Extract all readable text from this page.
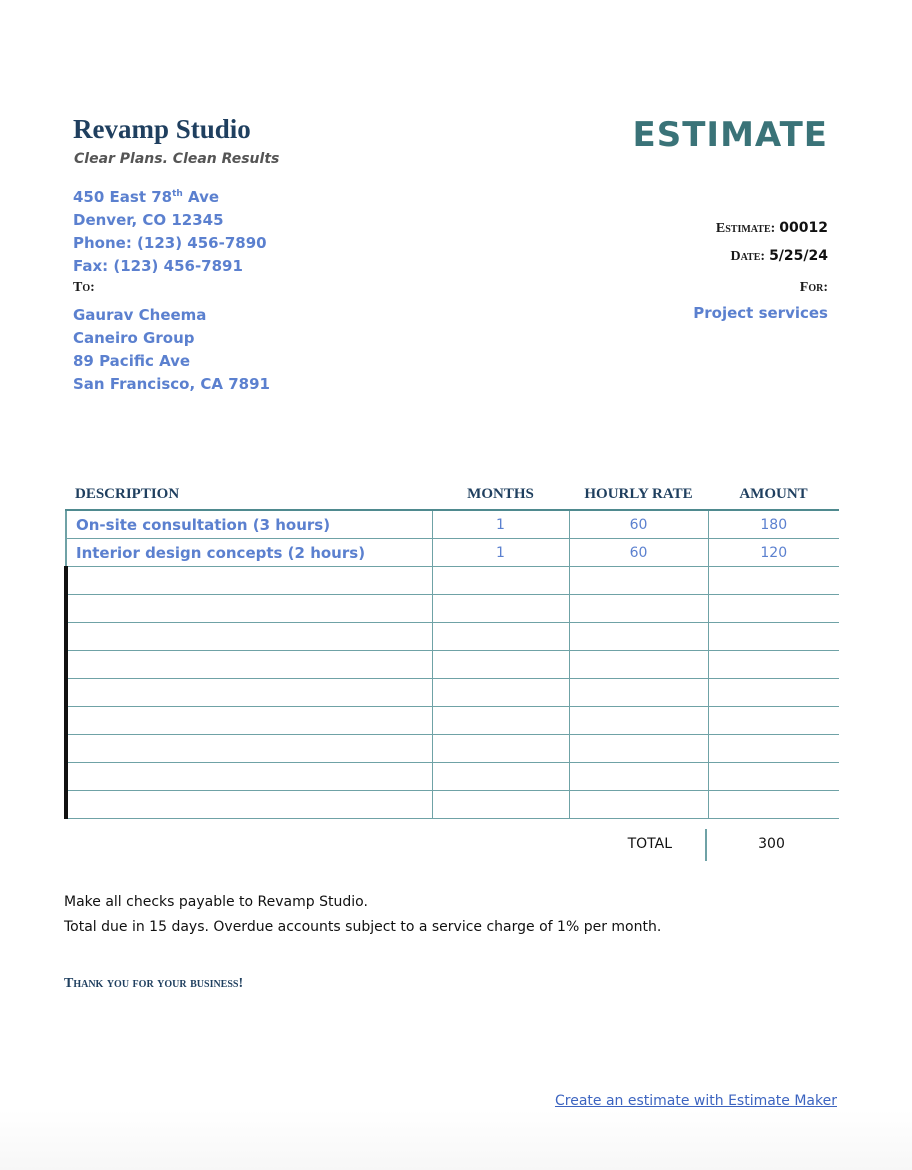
Revamp Studio
Clear Plans. Clean Results
ESTIMATE
450 East 78th Ave
Denver, CO 12345
Phone: (123) 456-7890
Fax: (123) 456-7891
Estimate: 00012
Date: 5/25/24
To:	For:
Gaurav Cheema
Caneiro Group
89 Pacific Ave
San Francisco, CA 7891
Project services
DESCRIPTION	MONTHS	HOURLY RATE	AMOUNT
On-site consultation (3 hours)	1	60	180
Interior design concepts (2 hours)	1	60	120

TOTAL	300
Make all checks payable to Revamp Studio.
Total due in 15 days. Overdue accounts subject to a service charge of 1% per month.
Thank you for your business!
Create an estimate with Estimate Maker
